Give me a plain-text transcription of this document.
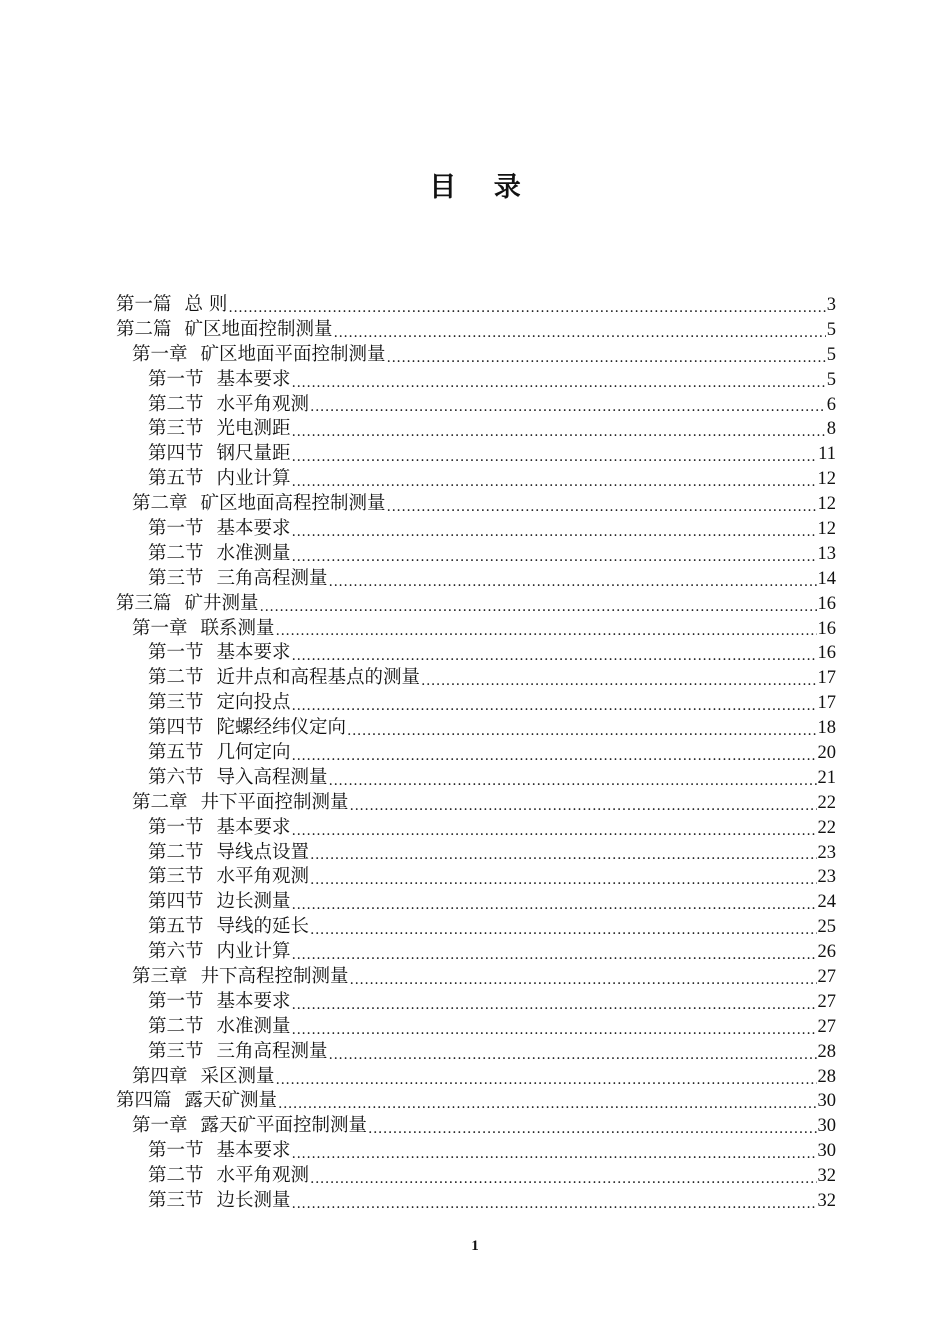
目 录
第一篇 总 则 .....	3
第二篇 矿区地面控制测量 .....	5
第一章 矿区地面平面控制测量 .....	5
第一节 基本要求 .....	5
第二节 水平角观测 .....	6
第三节 光电测距 .....	8
第四节 钢尺量距 .....	11
第五节 内业计算 .....	12
第二章 矿区地面高程控制测量 .....	12
第一节 基本要求 .....	12
第二节 水准测量 .....	13
第三节 三角高程测量 .....	14
第三篇 矿井测量 .....	16
第一章 联系测量 .....	16
第一节 基本要求 .....	16
第二节 近井点和高程基点的测量 .....	17
第三节 定向投点 .....	17
第四节 陀螺经纬仪定向 .....	18
第五节 几何定向 .....	20
第六节 导入高程测量 .....	21
第二章 井下平面控制测量 .....	22
第一节 基本要求 .....	22
第二节 导线点设置 .....	23
第三节 水平角观测 .....	23
第四节 边长测量 .....	24
第五节 导线的延长 .....	25
第六节 内业计算 .....	26
第三章 井下高程控制测量 .....	27
第一节 基本要求 .....	27
第二节 水准测量 .....	27
第三节 三角高程测量 .....	28
第四章 采区测量 .....	28
第四篇 露天矿测量 .....	30
第一章 露天矿平面控制测量 .....	30
第一节 基本要求 .....	30
第二节 水平角观测 .....	32
第三节 边长测量 .....	32
1
